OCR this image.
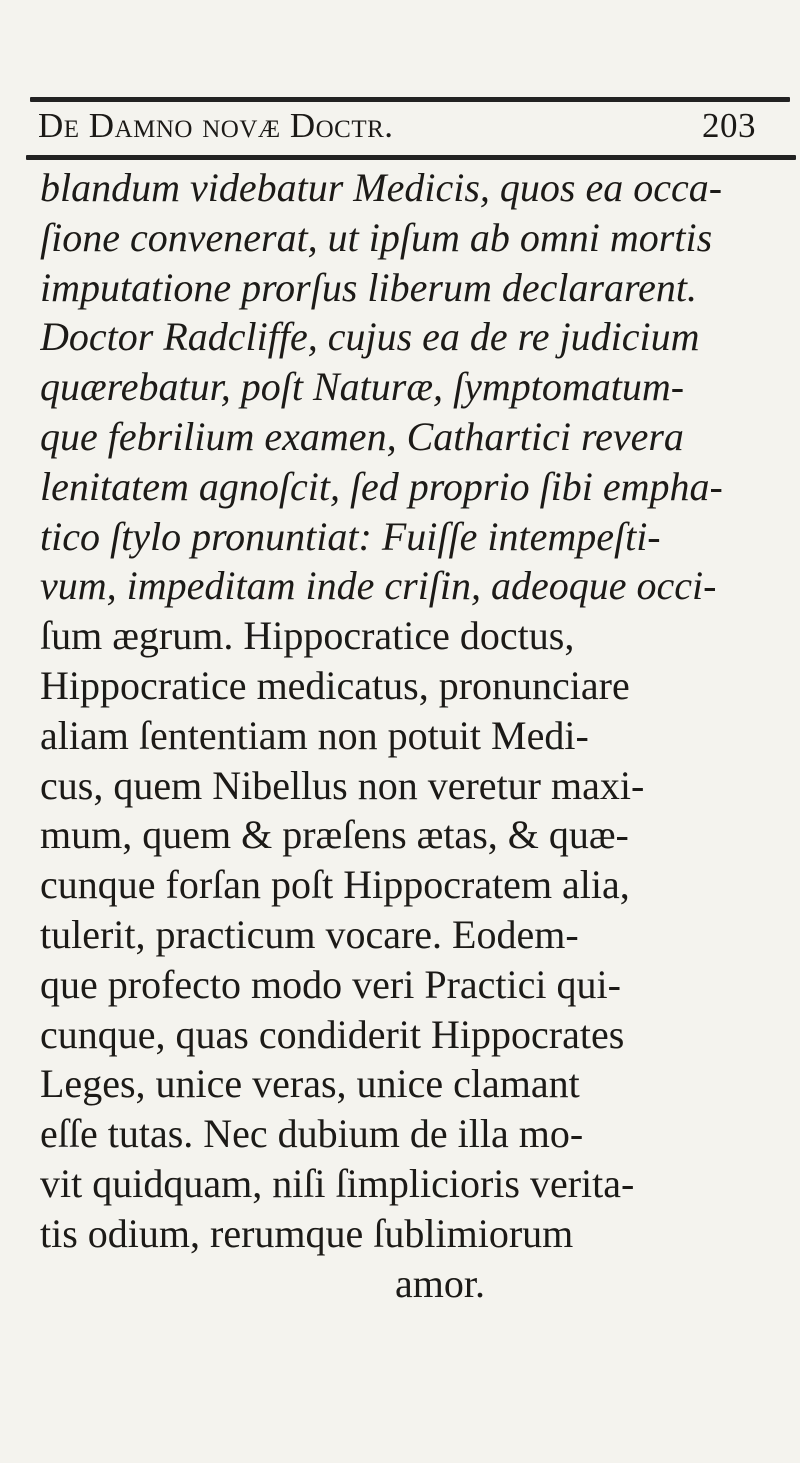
De Damno novæ Doctr.	203
blandum videbatur Medicis, quos ea occa-
ſione convenerat, ut ipſum ab omni mortis
imputatione prorſus liberum declararent.
Doctor Radcliffe, cujus ea de re judicium
quærebatur, poſt Naturæ, ſymptomatum-
que febrilium examen, Cathartici revera
lenitatem agnoſcit, ſed proprio ſibi empha-
tico ſtylo pronuntiat: Fuiſſe intempeſti-
vum, impeditam inde criſin, adeoque occi-
ſum ægrum. Hippocratice doctus,
Hippocratice medicatus, pronunciare
aliam ſententiam non potuit Medi-
cus, quem Nibellus non veretur maxi-
mum, quem & præſens ætas, & quæ-
cunque forſan poſt Hippocratem alia,
tulerit, practicum vocare. Eodem-
que profecto modo veri Practici qui-
cunque, quas condiderit Hippocrates
Leges, unice veras, unice clamant
eſſe tutas. Nec dubium de illa mo-
vit quidquam, niſi ſimplicioris verita-
tis odium, rerumque ſublimiorum
amor.
